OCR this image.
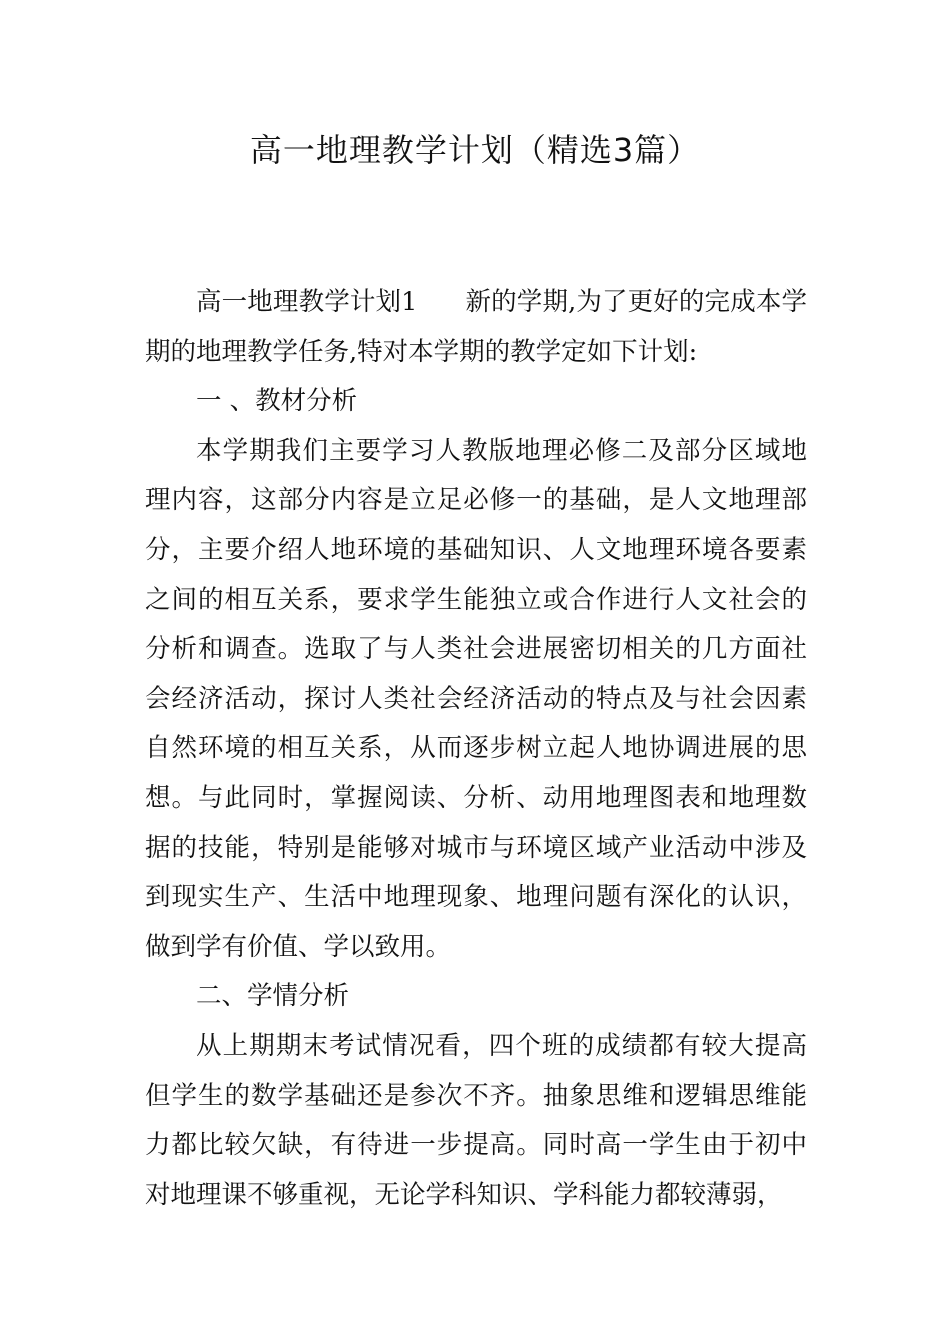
高一地理教学计划（精选3篇）

高一地理教学计划1 新的学期,为了更好的完成本学期的地理教学任务,特对本学期的教学定如下计划:

一 、教材分析

本学期我们主要学习人教版地理必修二及部分区域地理内容，这部分内容是立足必修一的基础，是人文地理部分，主要介绍人地环境的基础知识、人文地理环境各要素之间的相互关系，要求学生能独立或合作进行人文社会的分析和调查。选取了与人类社会进展密切相关的几方面社会经济活动，探讨人类社会经济活动的特点及与社会因素自然环境的相互关系，从而逐步树立起人地协调进展的思想。与此同时，掌握阅读、分析、动用地理图表和地理数据的技能，特别是能够对城市与环境区域产业活动中涉及到现实生产、生活中地理现象、地理问题有深化的认识，做到学有价值、学以致用。

二、学情分析

从上期期末考试情况看，四个班的成绩都有较大提高但学生的数学基础还是参次不齐。抽象思维和逻辑思维能力都比较欠缺，有待进一步提高。同时高一学生由于初中对地理课不够重视，无论学科知识、学科能力都较薄弱，
